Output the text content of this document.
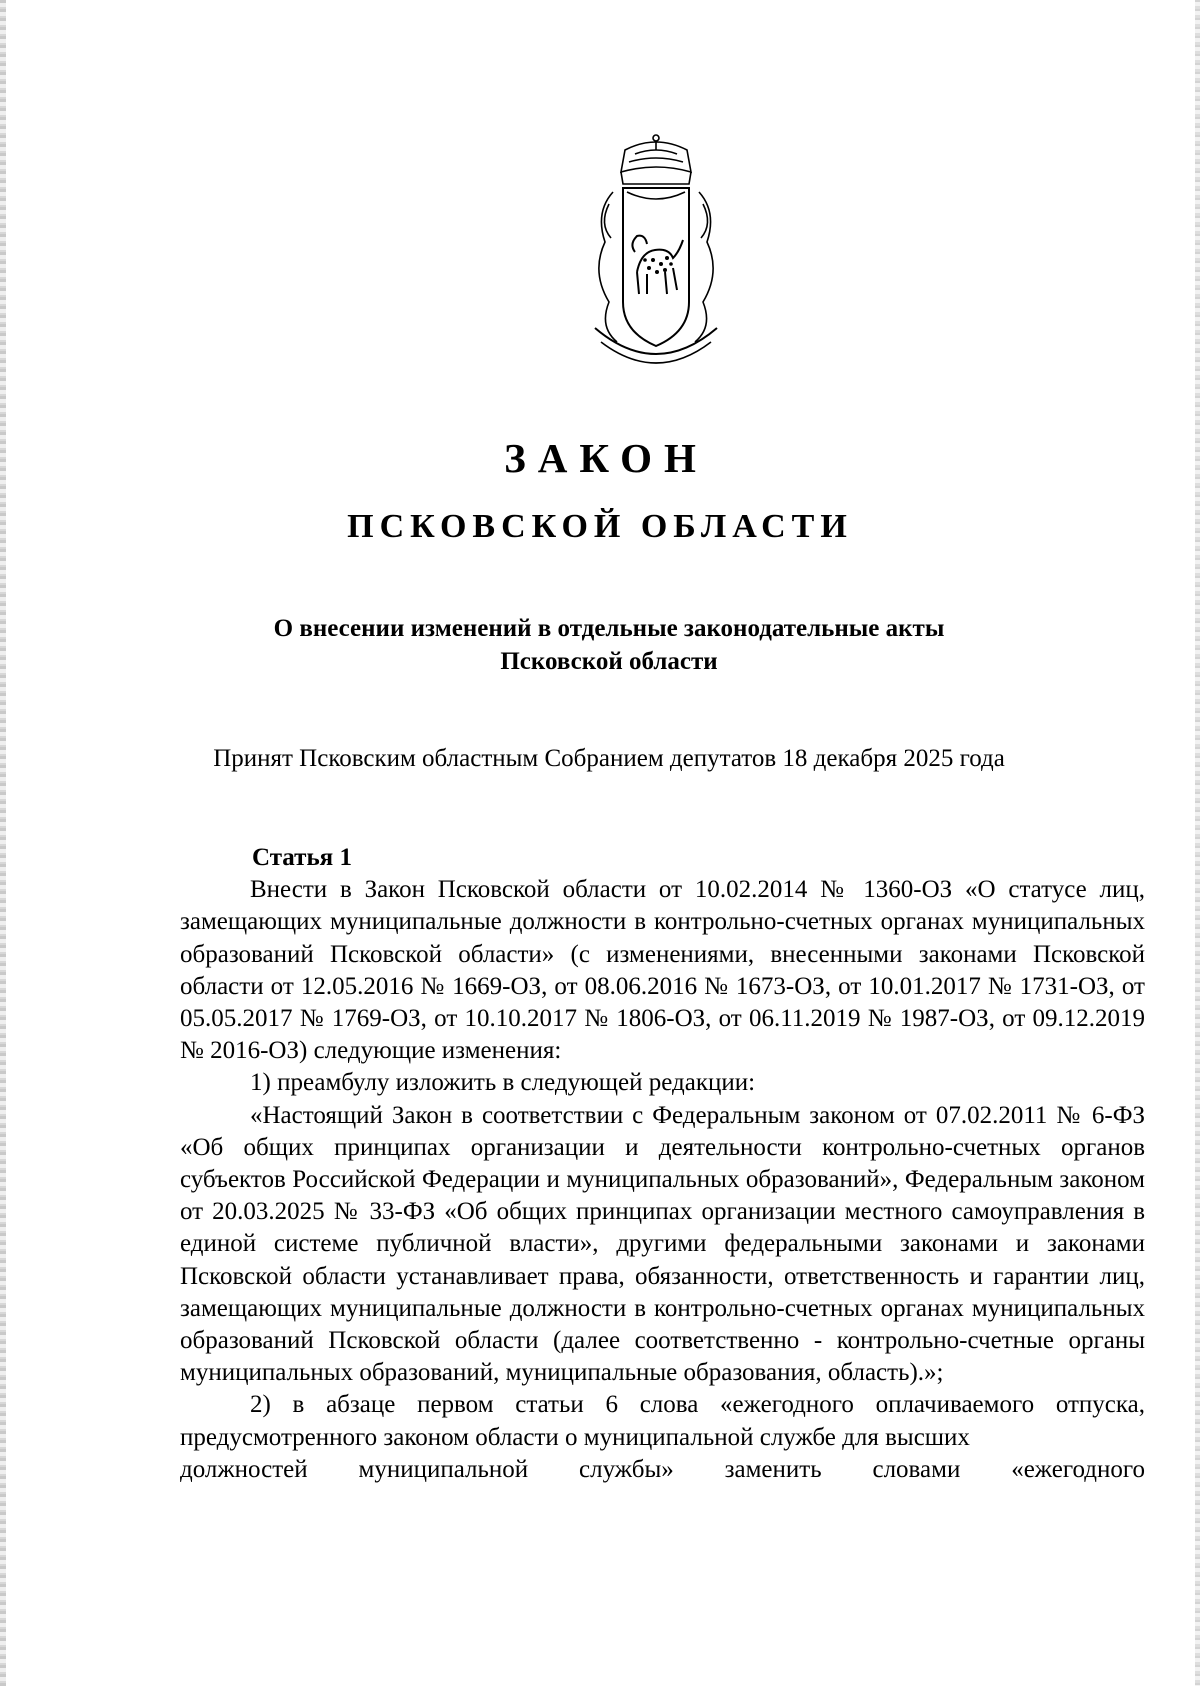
ЗАКОН
ПСКОВСКОЙ ОБЛАСТИ
О внесении изменений в отдельные законодательные акты
Псковской области
Принят Псковским областным Собранием депутатов 18 декабря 2025 года

Статья 1

Внести в Закон Псковской области от 10.02.2014 № 1360-ОЗ «О статусе лиц, замещающих муниципальные должности в контрольно-счетных органах муниципальных образований Псковской области» (с изменениями, внесенными законами Псковской области от 12.05.2016 № 1669-ОЗ, от 08.06.2016 № 1673-ОЗ, от 10.01.2017 № 1731-ОЗ, от 05.05.2017 № 1769-ОЗ, от 10.10.2017 № 1806-ОЗ, от 06.11.2019 № 1987-ОЗ, от 09.12.2019 № 2016-ОЗ) следующие изменения:

1) преамбулу изложить в следующей редакции:

«Настоящий Закон в соответствии с Федеральным законом от 07.02.2011 № 6-ФЗ «Об общих принципах организации и деятельности контрольно-счетных органов субъектов Российской Федерации и муниципальных образований», Федеральным законом от 20.03.2025 № 33-ФЗ «Об общих принципах организации местного самоуправления в единой системе публичной власти», другими федеральными законами и законами Псковской области устанавливает права, обязанности, ответственность и гарантии лиц, замещающих муниципальные должности в контрольно-счетных органах муниципальных образований Псковской области (далее соответственно - контрольно-счетные органы муниципальных образований, муниципальные образования, область).»;

2) в абзаце первом статьи 6 слова «ежегодного оплачиваемого отпуска, предусмотренного законом области о муниципальной службе для высших

должностей муниципальной службы» заменить словами «ежегодного
